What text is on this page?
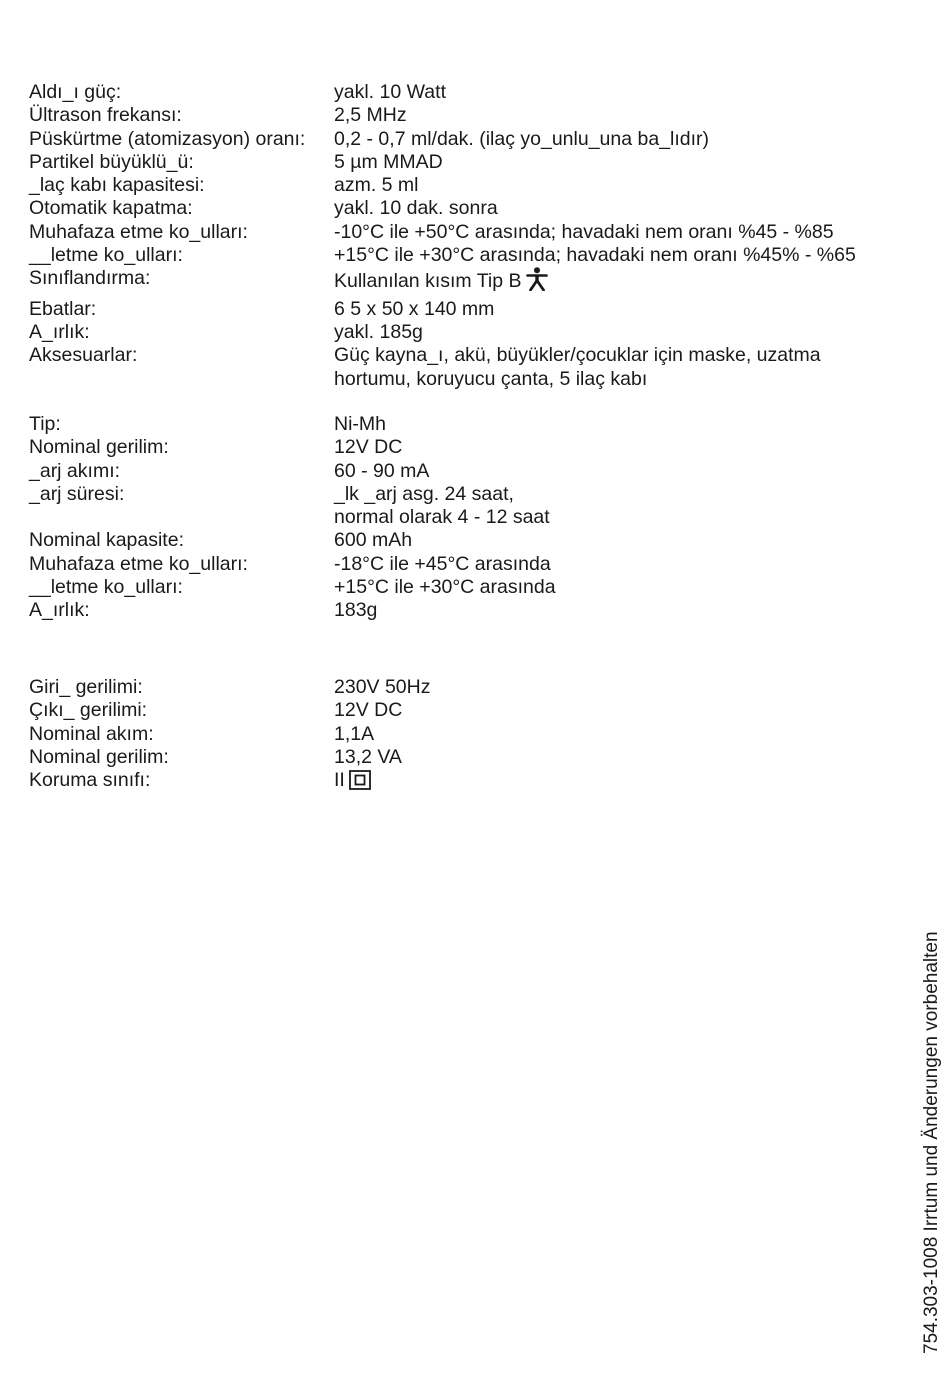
Aldı_ı güç:	yakl. 10 Watt
Ültrason frekansı:	2,5 MHz
Püskürtme (atomizasyon) oranı:	0,2 - 0,7 ml/dak. (ilaç yo_unlu_una ba_lıdır)
Partikel büyüklü_ü:	5 µm MMAD
_laç kabı kapasitesi:	azm. 5 ml
Otomatik kapatma:	yakl. 10 dak. sonra
Muhafaza etme ko_ulları:	-10°C ile +50°C arasında; havadaki nem oranı %45 - %85
__letme ko_ulları:	+15°C ile +30°C arasında; havadaki nem oranı %45% - %65
Sınıflandırma:	Kullanılan kısım Tip B
Ebatlar:	6 5 x 50 x 140 mm
A_ırlık:	yakl. 185g
Aksesuarlar:	Güç kayna_ı, akü, büyükler/çocuklar için maske, uzatma
hortumu, koruyucu çanta, 5 ilaç kabı
Tip:	Ni-Mh
Nominal gerilim:	12V DC
_arj akımı:	60 - 90 mA
_arj süresi:	_lk _arj asg. 24 saat,
normal olarak 4 - 12 saat
Nominal kapasite:	600 mAh
Muhafaza etme ko_ulları:	-18°C ile +45°C arasında
__letme ko_ulları:	+15°C ile +30°C arasında
A_ırlık:	183g
Giri_ gerilimi:	230V 50Hz
Çıkı_ gerilimi:	12V DC
Nominal akım:	1,1A
Nominal gerilim:	13,2 VA
Koruma sınıfı:	II
754.303-1008 Irrtum und Änderungen vorbehalten
